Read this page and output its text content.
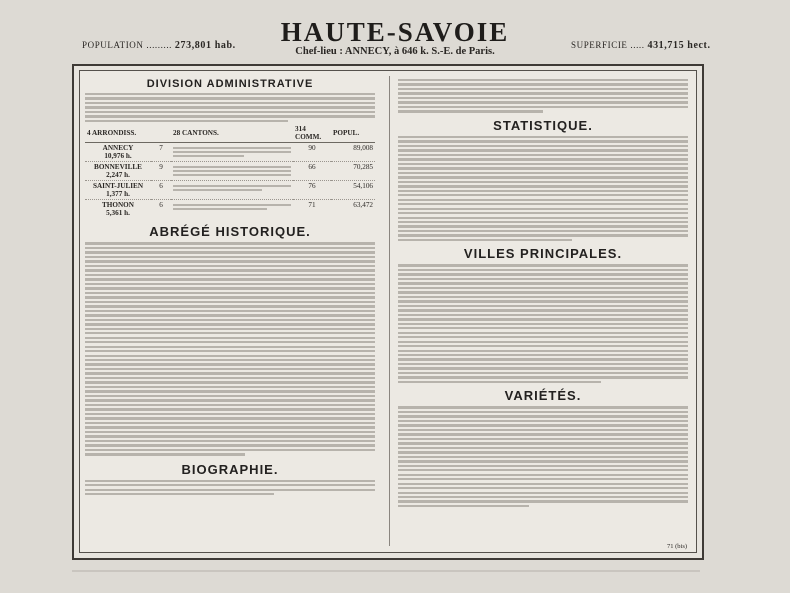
HAUTE-SAVOIE
Chef-lieu : ANNECY, à 646 k. S.-E. de Paris.
POPULATION ......... 273,801 hab.	SUPERFICIE ..... 431,715 hect.
DIVISION ADMINISTRATIVE
4 ARRONDISS.		28 CANTONS.	314 COMM.	POPUL.
ANNECY
10,976 h.	7		90	89,008
BONNEVILLE
2,247 h.	9		66	70,285
SAINT-JULIEN
1,377 h.	6		76	54,106
THONON
5,361 h.	6		71	63,472
ABRÉGÉ HISTORIQUE.
BIOGRAPHIE.
STATISTIQUE.
VILLES PRINCIPALES.
VARIÉTÉS.
71 (bis)
